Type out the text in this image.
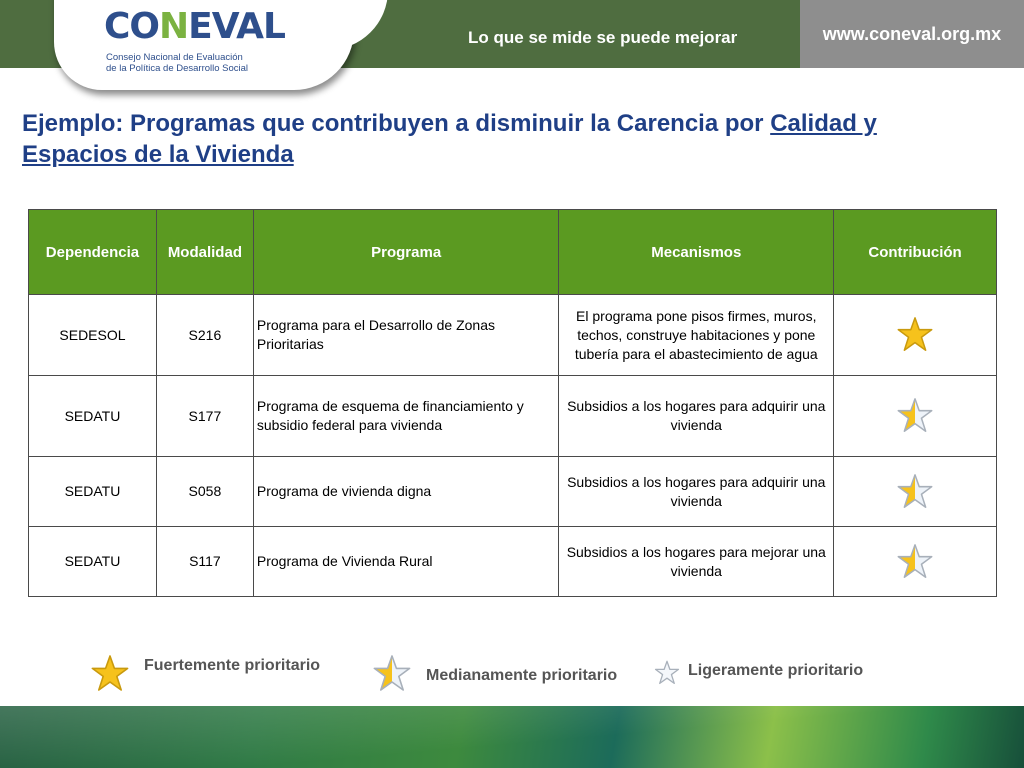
Lo que se mide se puede mejorar	www.coneval.org.mx
CONEVAL
Consejo Nacional de Evaluación
de la Política de Desarrollo Social
Ejemplo: Programas que contribuyen a disminuir la Carencia por Calidad y Espacios de la Vivienda
Dependencia	Modalidad	Programa	Mecanismos	Contribución
SEDESOL	S216	Programa para el Desarrollo de Zonas Prioritarias	El programa pone pisos firmes, muros, techos, construye habitaciones y pone tubería para el abastecimiento de agua	

SEDATU	S177	Programa de esquema de financiamiento y subsidio federal para vivienda	Subsidios a los hogares para adquirir una vivienda	

SEDATU	S058	Programa de vivienda digna	Subsidios a los hogares para adquirir una vivienda	

SEDATU	S117	Programa de Vivienda Rural	Subsidios a los hogares para mejorar una vivienda	
Fuertemente prioritario
Medianamente prioritario	Ligeramente prioritario
